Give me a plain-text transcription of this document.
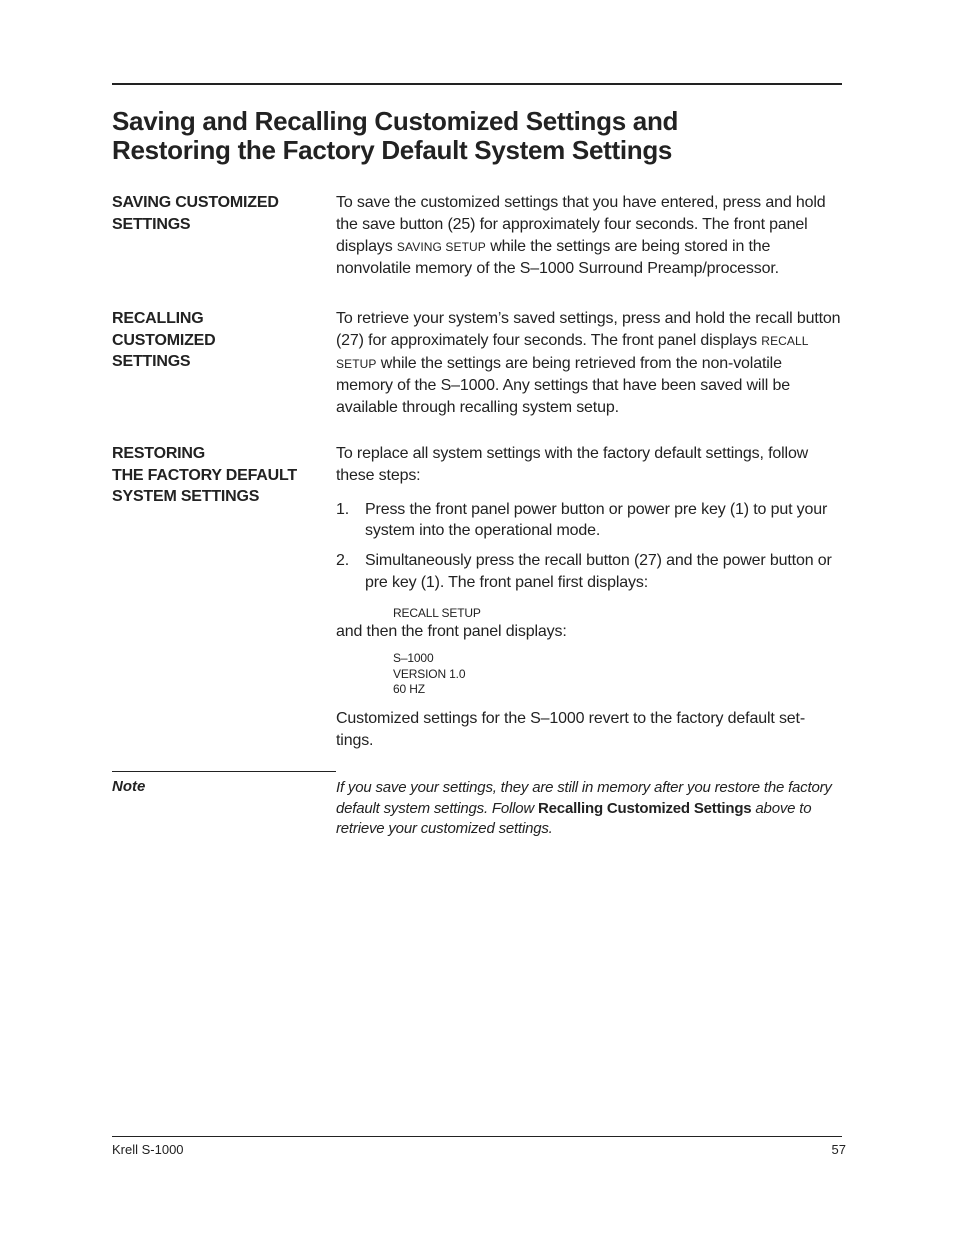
Saving and Recalling Customized Settings and
Restoring the Factory Default System Settings
SAVING CUSTOMIZED
SETTINGS

To save the customized settings that you have entered, press and hold the save button (25) for approximately four seconds. The front panel displays SAVING SETUP while the settings are being stored in the nonvolatile memory of the S–1000 Surround Preamp/processor.

RECALLING
CUSTOMIZED
SETTINGS

To retrieve your system’s saved settings, press and hold the recall button (27) for approximately four seconds. The front panel displays RECALL SETUP while the settings are being retrieved from the non-volatile memory of the S–1000. Any settings that have been saved will be available through recalling system setup.

RESTORING
THE FACTORY DEFAULT
SYSTEM SETTINGS

To replace all system settings with the factory default settings, follow these steps:

1. Press the front panel power button or power pre key (1) to put your system into the operational mode.
2. Simultaneously press the recall button (27) and the power button or pre key (1). The front panel first displays:
RECALL SETUP

and then the front panel displays:

S–1000
VERSION 1.0
60 HZ

Customized settings for the S–1000 revert to the factory default set-tings.

Note	If you save your settings, they are still in memory after you restore the factory default system settings. Follow Recalling Customized Settings above to retrieve your customized settings.
Krell S-1000	57
